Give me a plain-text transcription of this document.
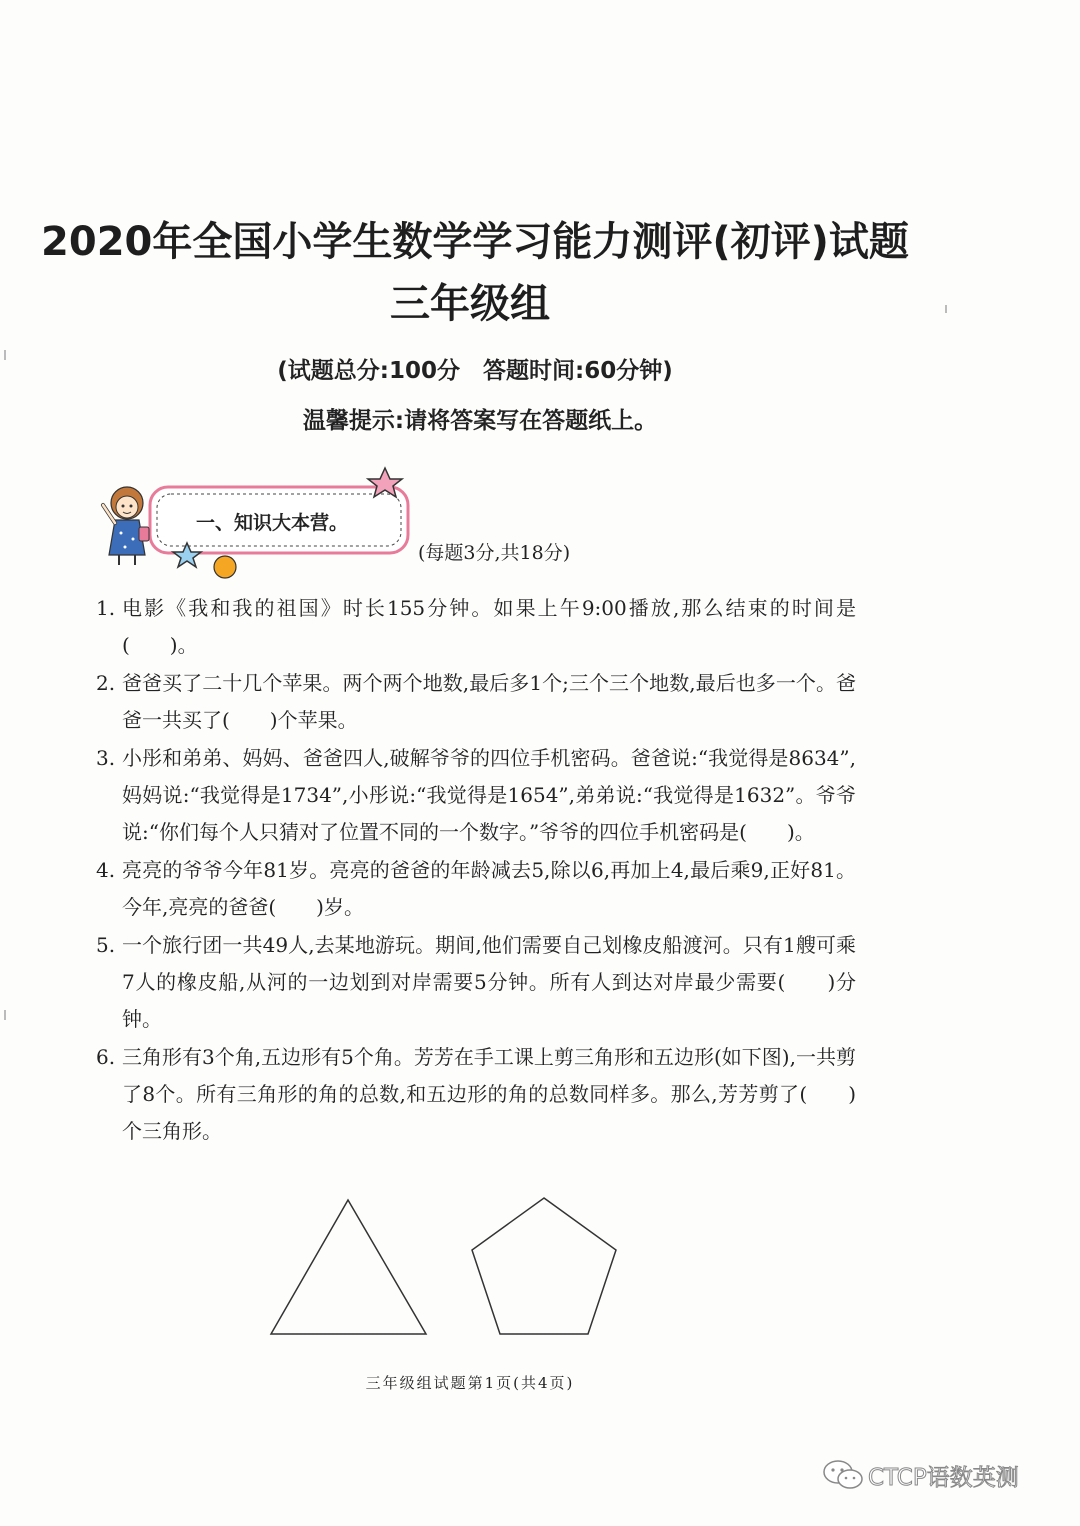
2020年全国小学生数学学习能力测评(初评)试题
三年级组
(试题总分:100分　答题时间:60分钟)
温馨提示:请将答案写在答题纸上。
一、知识大本营。
(每题3分,共18分)
1. 电影《我和我的祖国》时长155分钟。如果上午9:00播放,那么结束的时间是(　　)。
2. 爸爸买了二十几个苹果。两个两个地数,最后多1个;三个三个地数,最后也多一个。爸爸一共买了(　　)个苹果。
3. 小彤和弟弟、妈妈、爸爸四人,破解爷爷的四位手机密码。爸爸说:“我觉得是8634”,妈妈说:“我觉得是1734”,小彤说:“我觉得是1654”,弟弟说:“我觉得是1632”。爷爷说:“你们每个人只猜对了位置不同的一个数字。”爷爷的四位手机密码是(　　)。
4. 亮亮的爷爷今年81岁。亮亮的爸爸的年龄减去5,除以6,再加上4,最后乘9,正好81。今年,亮亮的爸爸(　　)岁。
5. 一个旅行团一共49人,去某地游玩。期间,他们需要自己划橡皮船渡河。只有1艘可乘7人的橡皮船,从河的一边划到对岸需要5分钟。所有人到达对岸最少需要(　　)分钟。
6. 三角形有3个角,五边形有5个角。芳芳在手工课上剪三角形和五边形(如下图),一共剪了8个。所有三角形的角的总数,和五边形的角的总数同样多。那么,芳芳剪了(　　)个三角形。
三年级组试题第1页(共4页)
CTCP语数英测
